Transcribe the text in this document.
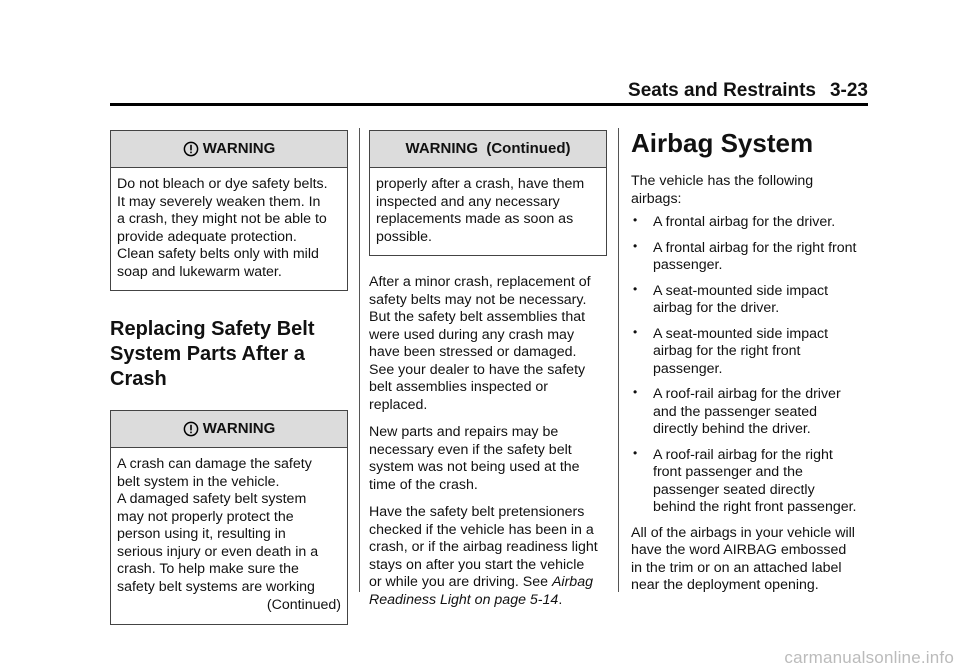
Seats and Restraints 3-23
WARNING
Do not bleach or dye safety belts.
It may severely weaken them. In
a crash, they might not be able to
provide adequate protection.
Clean safety belts only with mild
soap and lukewarm water.
Replacing Safety Belt
System Parts After a
Crash
WARNING
A crash can damage the safety
belt system in the vehicle.
A damaged safety belt system
may not properly protect the
person using it, resulting in
serious injury or even death in a
crash. To help make sure the
safety belt systems are working
(Continued)
WARNING  (Continued)
properly after a crash, have them
inspected and any necessary
replacements made as soon as
possible.

After a minor crash, replacement of
safety belts may not be necessary.
But the safety belt assemblies that
were used during any crash may
have been stressed or damaged.
See your dealer to have the safety
belt assemblies inspected or
replaced.

New parts and repairs may be
necessary even if the safety belt
system was not being used at the
time of the crash.

Have the safety belt pretensioners
checked if the vehicle has been in a
crash, or if the airbag readiness light
stays on after you start the vehicle
or while you are driving. See Airbag
Readiness Light on page 5-14.

Airbag System

The vehicle has the following
airbags:

• A frontal airbag for the driver.
• A frontal airbag for the right front
passenger.
• A seat-mounted side impact
airbag for the driver.
• A seat-mounted side impact
airbag for the right front
passenger.
• A roof-rail airbag for the driver
and the passenger seated
directly behind the driver.
• A roof-rail airbag for the right
front passenger and the
passenger seated directly
behind the right front passenger.

All of the airbags in your vehicle will
have the word AIRBAG embossed
in the trim or on an attached label
near the deployment opening.

carmanualsonline.info
